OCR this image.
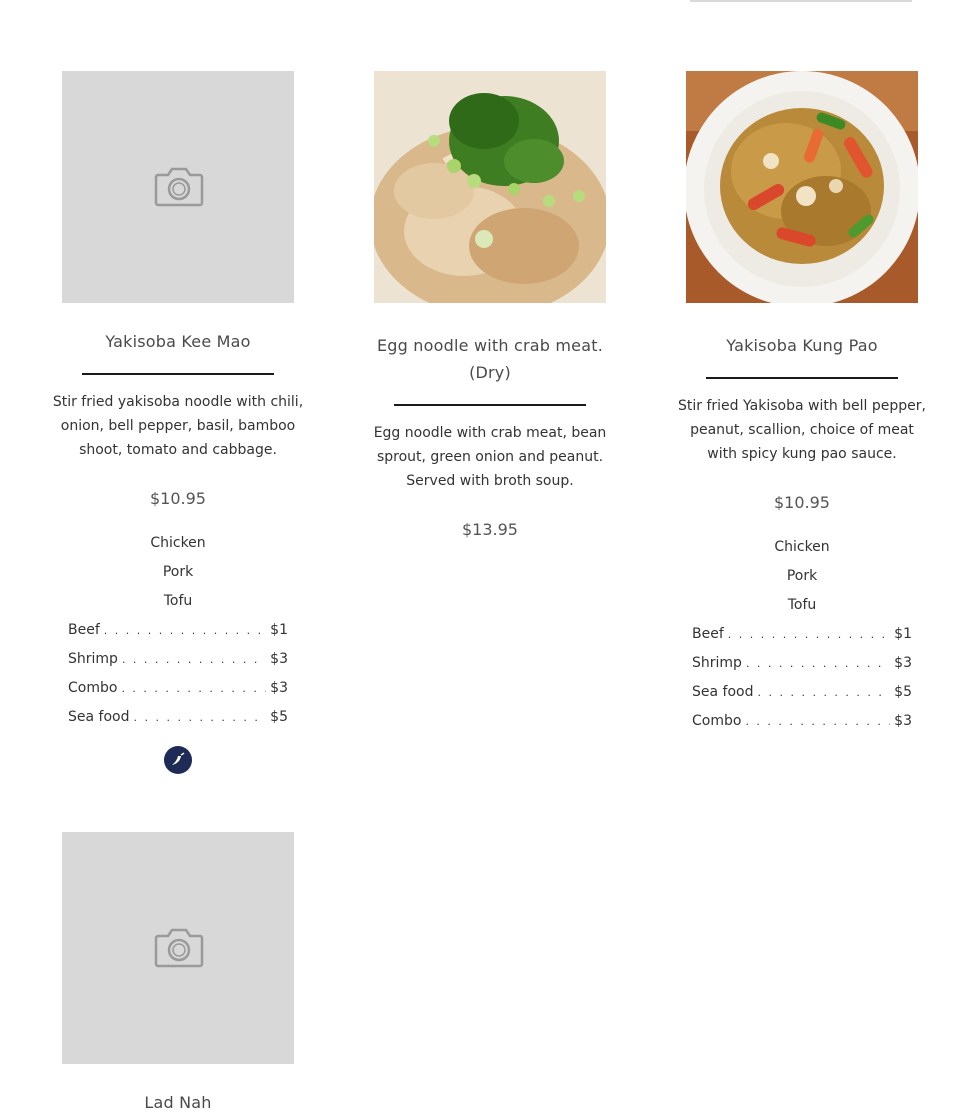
Yakisoba Kee Mao
Stir fried yakisoba noodle with chili, onion, bell pepper, basil, bamboo shoot, tomato and cabbage.
$10.95
Chicken
Pork
Tofu
Beef . . .	$1
Shrimp . . .	$3
Combo . . .	$3
Sea food . . .	$5
Egg noodle with crab meat. (Dry)
Egg noodle with crab meat, bean sprout, green onion and peanut. Served with broth soup.
$13.95
Yakisoba Kung Pao
Stir fried Yakisoba with bell pepper, peanut, scallion, choice of meat with spicy kung pao sauce.
$10.95
Chicken
Pork
Tofu
Beef . . .	$1
Shrimp . . .	$3
Sea food . . .	$5
Combo . . .	$3
Lad Nah
